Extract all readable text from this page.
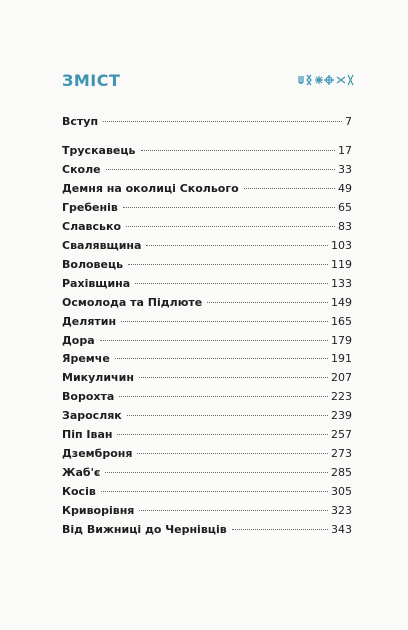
ЗМІСТ
Вступ	7
Трускавець	17
Сколе	33
Демня на околиці Сколього	49
Гребенів	65
Славсько	83
Свалявщина	103
Воловець	119
Рахівщина	133
Осмолода та Підлюте	149
Делятин	165
Дора	179
Яремче	191
Микуличин	207
Ворохта	223
Заросляк	239
Піп Іван	257
Дземброня	273
Жаб'є	285
Косів	305
Криворівня	323
Від Вижниці до Чернівців	343
